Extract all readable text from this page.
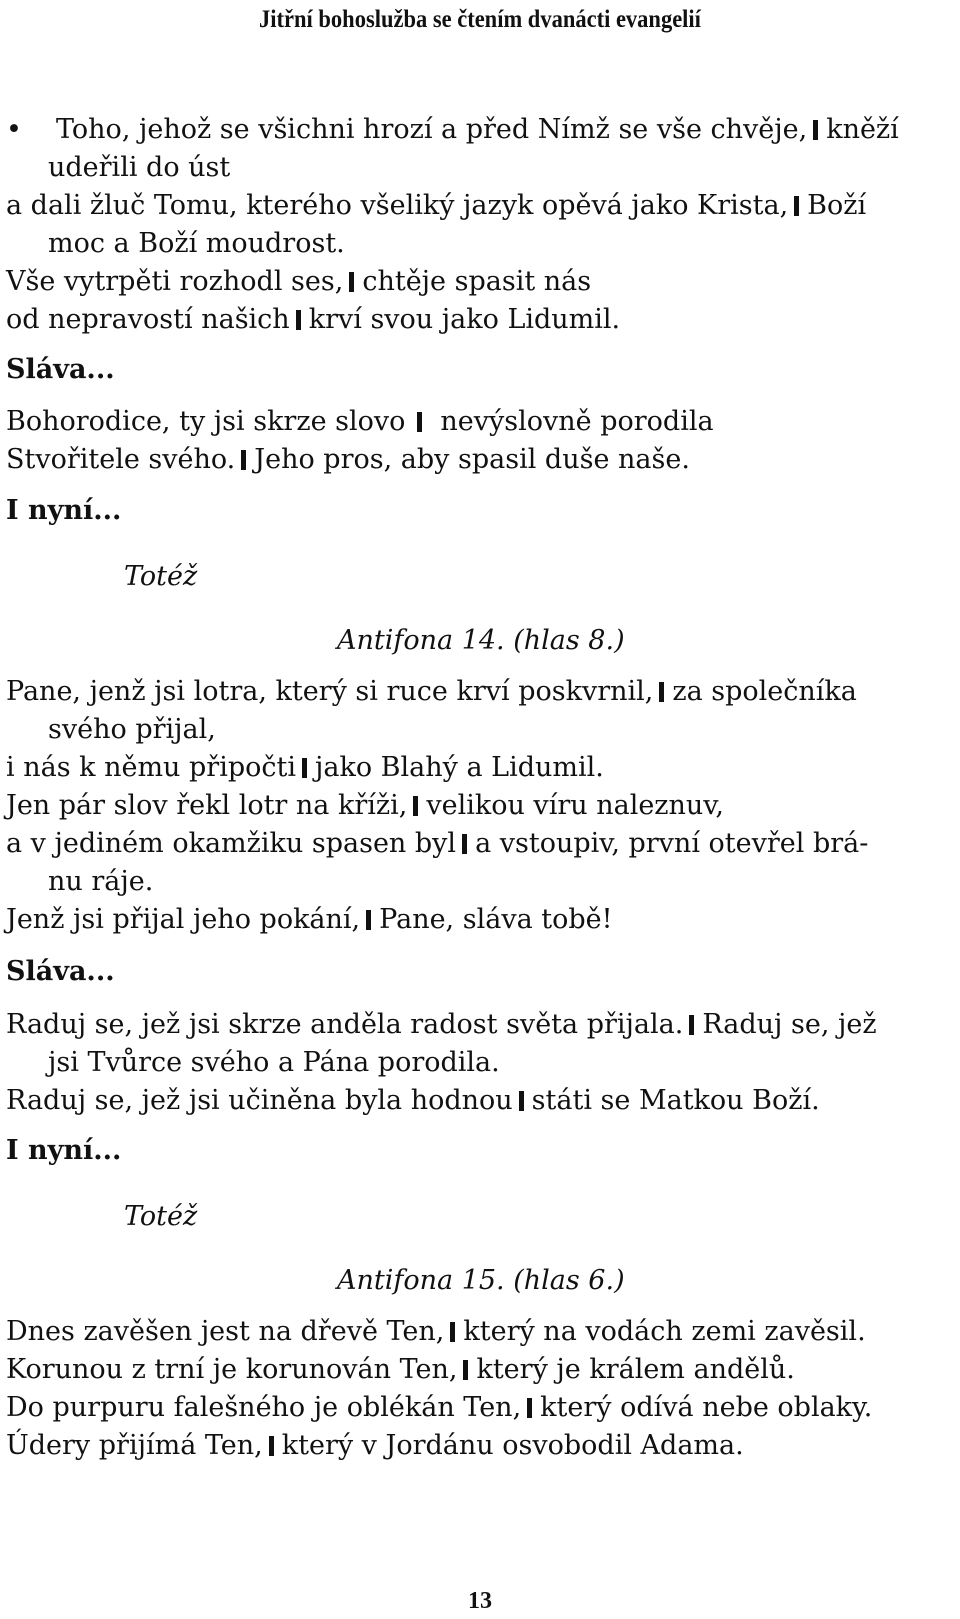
Jitřní bohoslužba se čtením dvanácti evangelií
• Toho, jehož se všichni hrozí a před Nímž se vše chvěje, kněží
udeřili do úst
a dali žluč Tomu, kterého všeliký jazyk opěvá jako Krista, Boží
moc a Boží moudrost.
Vše vytrpěti rozhodl ses, chtěje spasit nás
od nepravostí našich krví svou jako Lidumil.
Sláva...
Bohorodice, ty jsi skrze slovo nevýslovně porodila
Stvořitele svého. Jeho pros, aby spasil duše naše.
I nyní...
Totéž
Antifona 14. (hlas 8.)
Pane, jenž jsi lotra, který si ruce krví poskvrnil, za společníka
svého přijal,
i nás k němu připočti jako Blahý a Lidumil.
Jen pár slov řekl lotr na kříži, velikou víru naleznuv,
a v jediném okamžiku spasen byl a vstoupiv, první otevřel brá-
nu ráje.
Jenž jsi přijal jeho pokání, Pane, sláva tobě!
Sláva...
Raduj se, jež jsi skrze anděla radost světa přijala. Raduj se, jež
jsi Tvůrce svého a Pána porodila.
Raduj se, jež jsi učiněna byla hodnou státi se Matkou Boží.
I nyní...
Totéž
Antifona 15. (hlas 6.)
Dnes zavěšen jest na dřevě Ten, který na vodách zemi zavěsil.
Korunou z trní je korunován Ten, který je králem andělů.
Do purpuru falešného je oblékán Ten, který odívá nebe oblaky.
Údery přijímá Ten, který v Jordánu osvobodil Adama.
13
